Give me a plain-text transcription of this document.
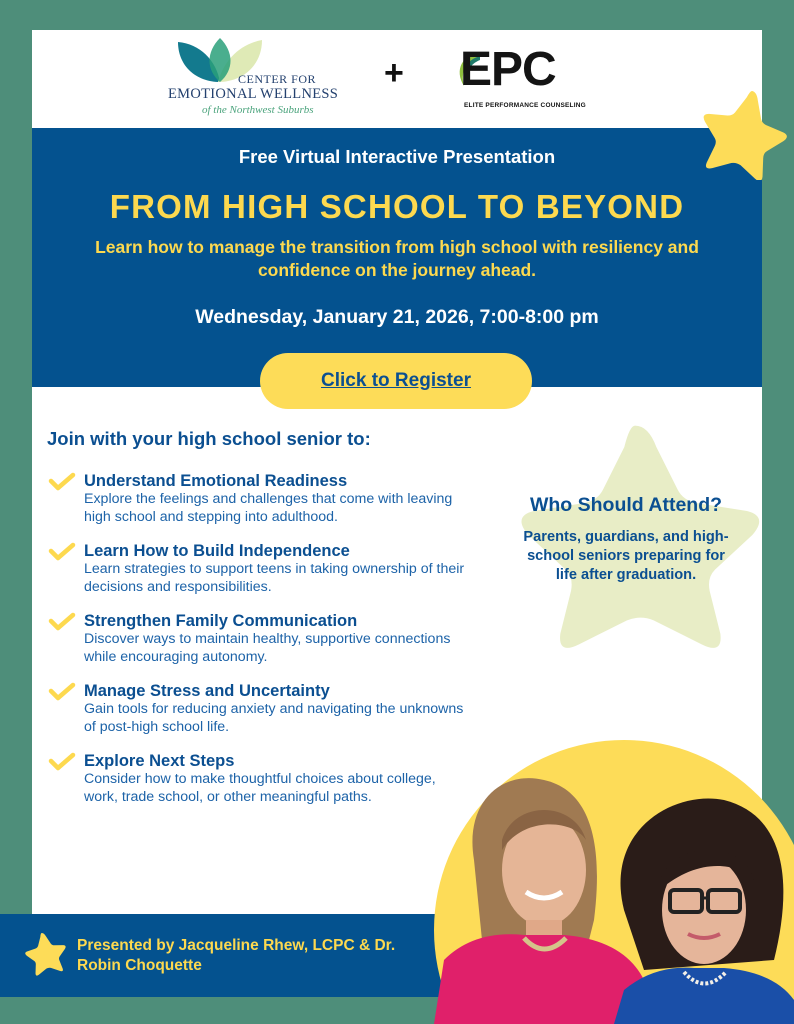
CENTER FOR
EMOTIONAL WELLNESS
of the Northwest Suburbs
+ EPC
ELITE PERFORMANCE COUNSELING
Free Virtual Interactive Presentation
FROM HIGH SCHOOL TO BEYOND
Learn how to manage the transition from high school with resiliency and confidence on the journey ahead.
Wednesday, January 21, 2026, 7:00-8:00 pm
Click to Register
Join with your high school senior to:
Understand Emotional Readiness
Explore the feelings and challenges that come with leaving high school and stepping into adulthood.
Learn How to Build Independence
Learn strategies to support teens in taking ownership of their decisions and responsibilities.
Strengthen Family Communication
Discover ways to maintain healthy, supportive connections while encouraging autonomy.
Manage Stress and Uncertainty
Gain tools for reducing anxiety and navigating the unknowns of post-high school life.
Explore Next Steps
Consider how to make thoughtful choices about college, work, trade school, or other meaningful paths.
Who Should Attend?
Parents, guardians, and high-school seniors preparing for life after graduation.
Presented by Jacqueline Rhew, LCPC & Dr. Robin Choquette
